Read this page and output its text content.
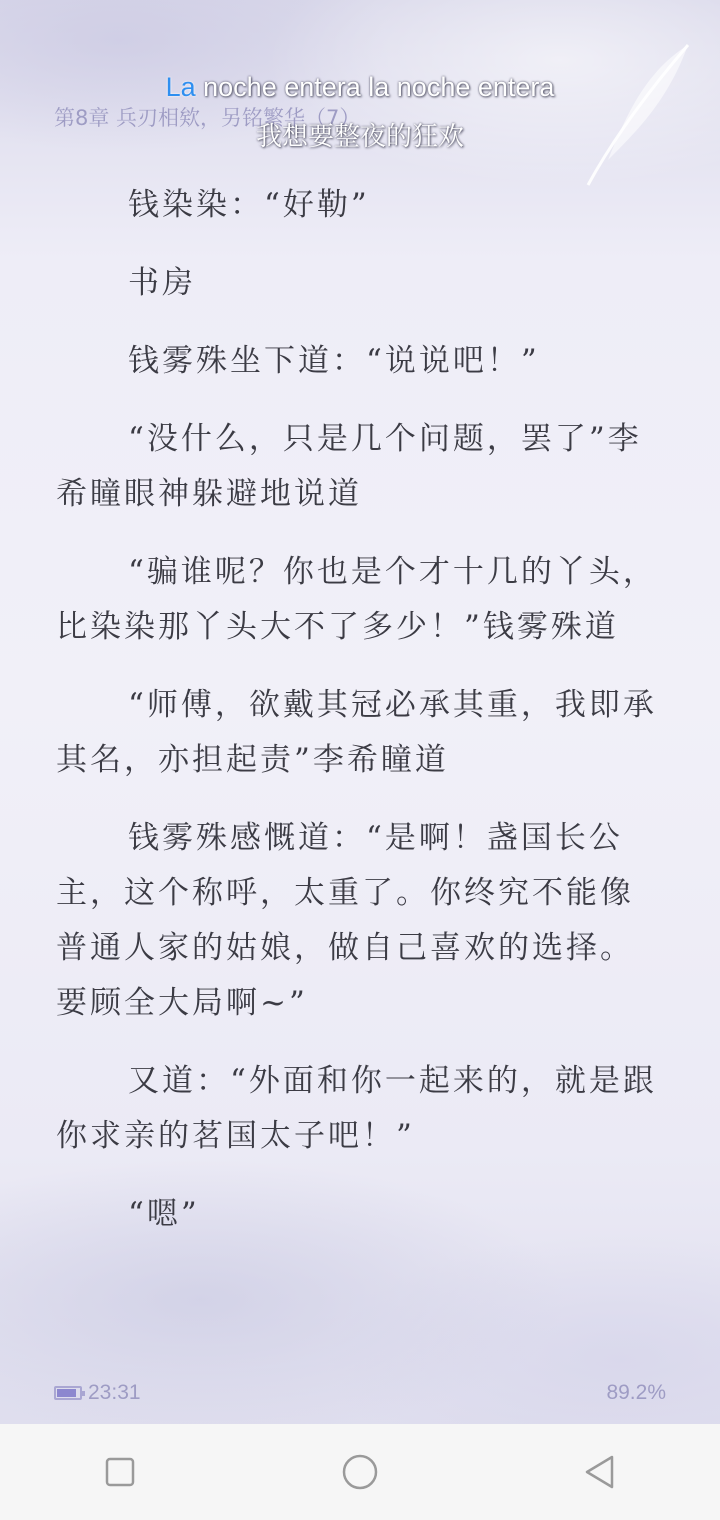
第8章 兵刃相欸，另铭繁华（7）
La noche entera la noche entera
我想要整夜的狂欢

钱染染：“好勒”

书房

钱雾殊坐下道：“说说吧！”

“没什么，只是几个问题，罢了”李希瞳眼神躲避地说道

“骗谁呢？你也是个才十几的丫头，比染染那丫头大不了多少！”钱雾殊道

“师傅，欲戴其冠必承其重，我即承其名，亦担起责”李希瞳道

钱雾殊感慨道：“是啊！盏国长公主，这个称呼，太重了。你终究不能像普通人家的姑娘，做自己喜欢的选择。要顾全大局啊~”

又道：“外面和你一起来的，就是跟你求亲的茗国太子吧！”

“嗯”

23:31	89.2%
